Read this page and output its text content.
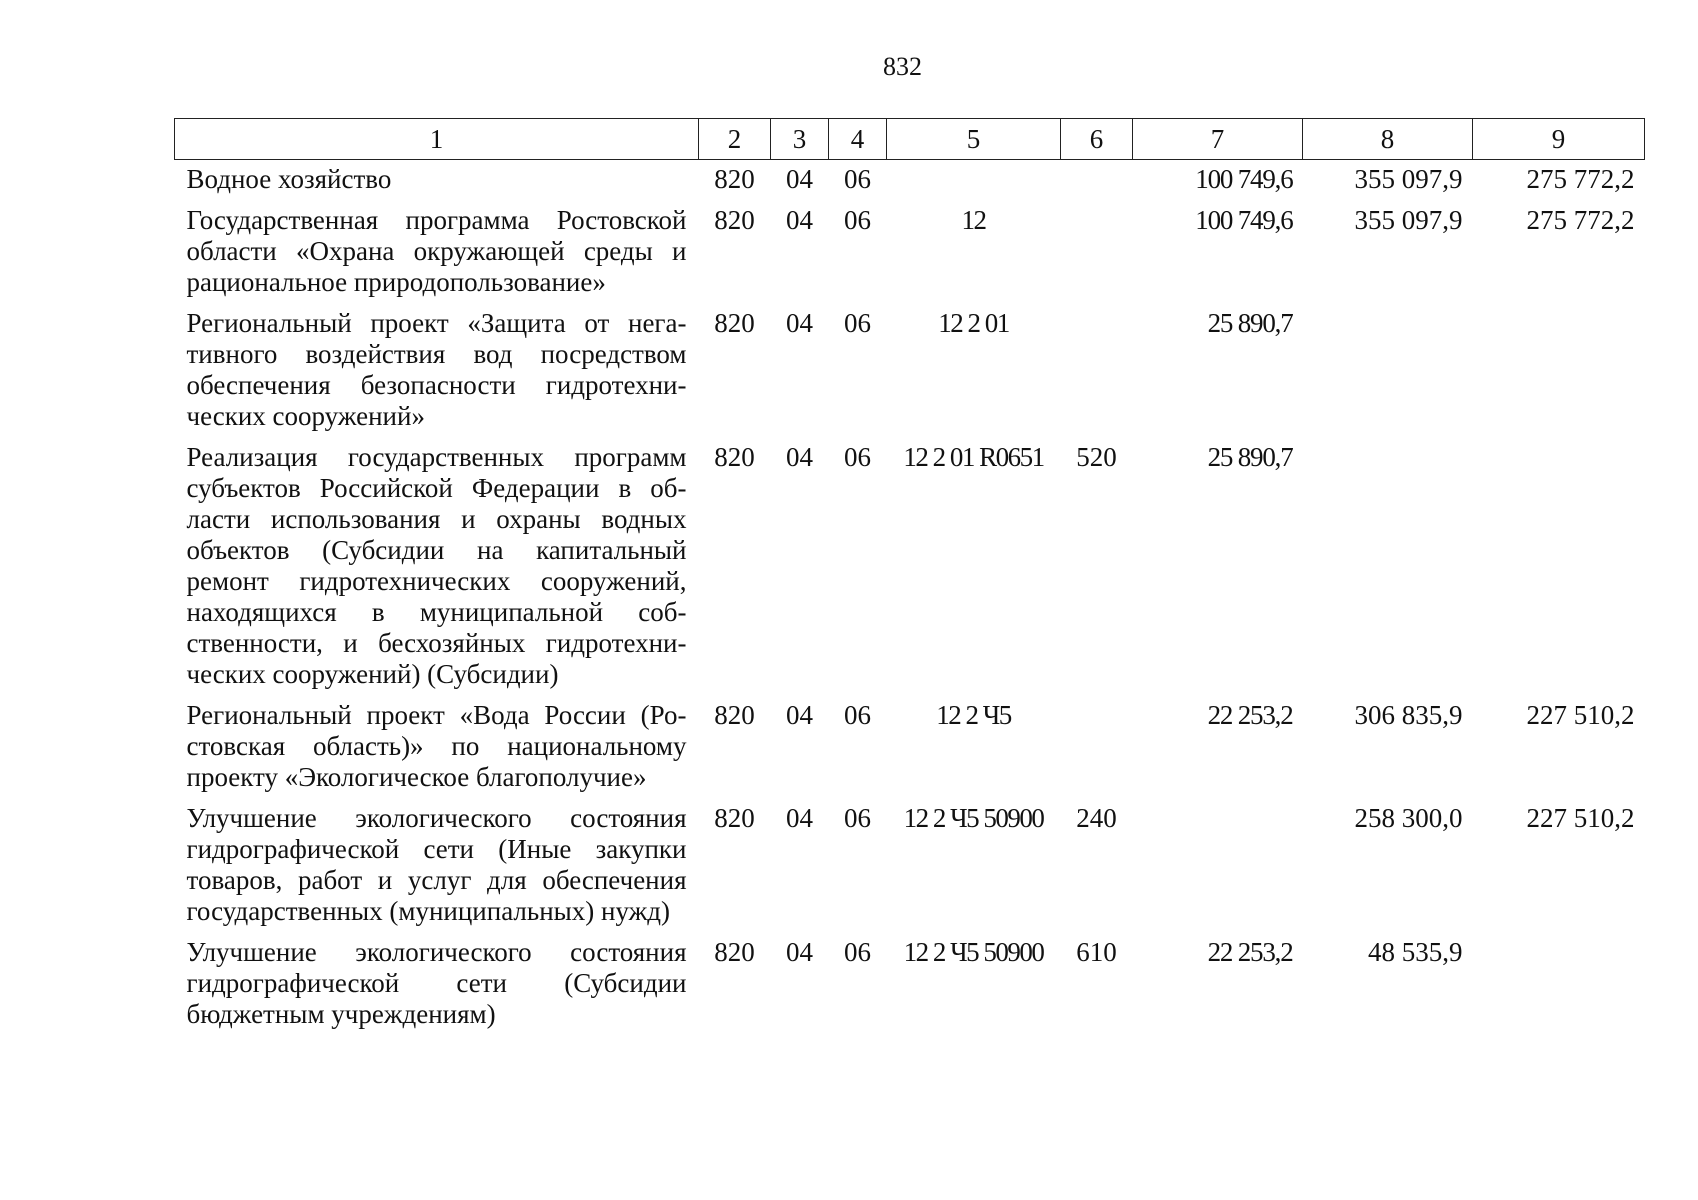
832
1	2	3	4	5	6	7	8	9
Водное хозяйство	820	04	06			100 749,6	355 097,9	275 772,2
Государственная программа Ростовской области «Охрана окружающей среды и рациональное природопользование»	820	04	06	12		100 749,6	355 097,9	275 772,2
Региональный проект «Защита от негативного воздействия вод посредством обеспечения безопасности гидротехнических сооружений»	820	04	06	12 2 01		25 890,7		
Реализация государственных программ субъектов Российской Федерации в области использования и охраны водных объектов (Субсидии на капитальный ремонт гидротехнических сооружений, находящихся в муниципальной собственности, и бесхозяйных гидротехнических сооружений) (Субсидии)	820	04	06	12 2 01 R0651	520	25 890,7		
Региональный проект «Вода России (Ростовская область)» по национальному проекту «Экологическое благополучие»	820	04	06	12 2 Ч5		22 253,2	306 835,9	227 510,2
Улучшение экологического состояния гидрографической сети (Иные закупки товаров, работ и услуг для обеспечения государственных (муниципальных) нужд)	820	04	06	12 2 Ч5 50900	240		258 300,0	227 510,2
Улучшение экологического состояния гидрографической сети (Субсидии бюджетным учреждениям)	820	04	06	12 2 Ч5 50900	610	22 253,2	48 535,9	
